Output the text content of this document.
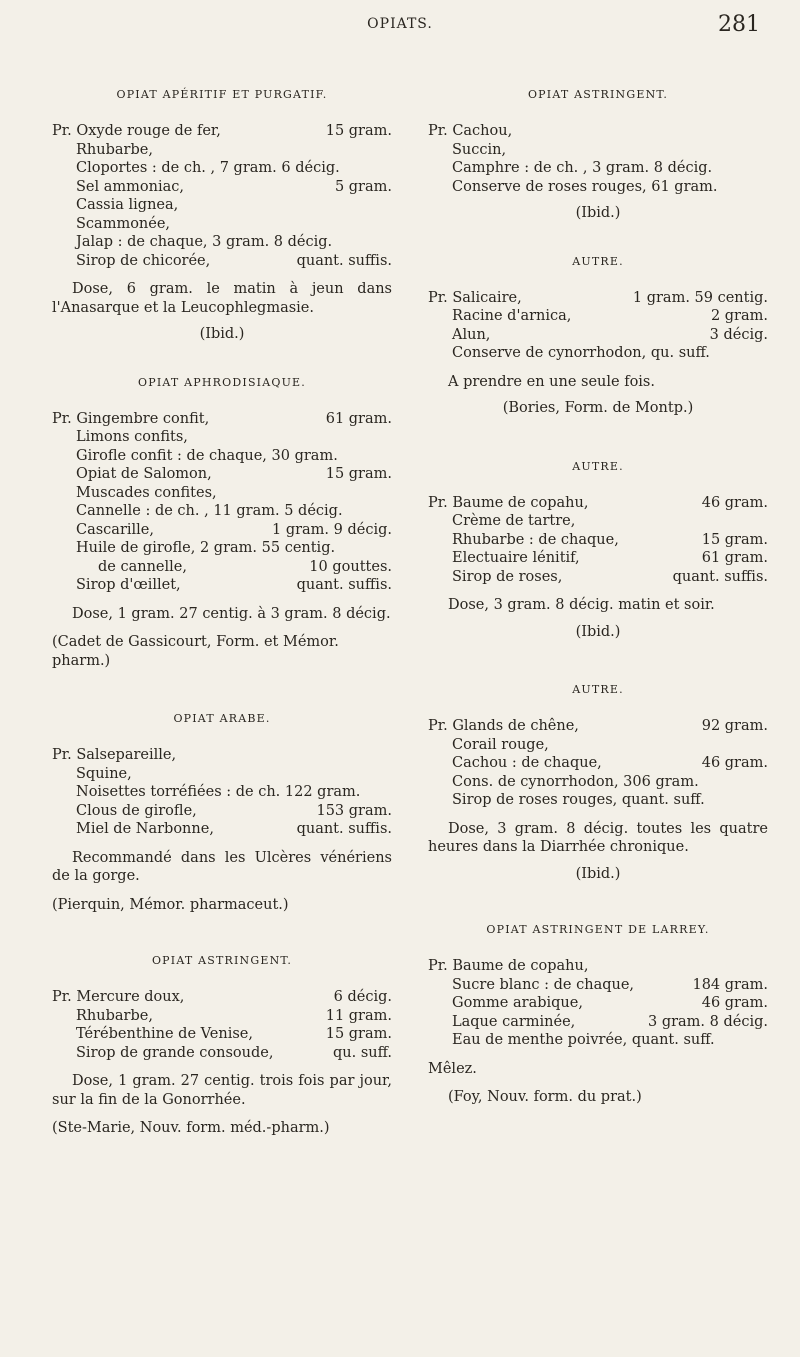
OPIATS.	281
OPIAT APÉRITIF ET PURGATIF.
Pr. Oxyde rouge de fer,	15 gram.
Rhubarbe,
Cloportes : de ch. , 7 gram. 6 décig.
Sel ammoniac,	5 gram.
Cassia lignea,
Scammonée,
Jalap : de chaque, 3 gram. 8 décig.
Sirop de chicorée,	quant. suffis.

Dose, 6 gram. le matin à jeun dans l'Anasarque et la Leucophlegmasie.

(Ibid.)
OPIAT APHRODISIAQUE.
Pr. Gingembre confit,	61 gram.
Limons confits,
Girofle confit : de chaque, 30 gram.
Opiat de Salomon,	15 gram.
Muscades confites,
Cannelle : de ch. , 11 gram. 5 décig.
Cascarille,	1 gram. 9 décig.
Huile de girofle, 2 gram. 55 centig.
de cannelle,	10 gouttes.
Sirop d'œillet,	quant. suffis.

Dose, 1 gram. 27 centig. à 3 gram. 8 décig.

(Cadet de Gassicourt, Form. et Mémor. pharm.)

OPIAT ARABE.
Pr. Salsepareille,
Squine,
Noisettes torréfiées : de ch. 122 gram.
Clous de girofle,	153 gram.
Miel de Narbonne,	quant. suffis.

Recommandé dans les Ulcères vénériens de la gorge.

(Pierquin, Mémor. pharmaceut.)

OPIAT ASTRINGENT.
Pr. Mercure doux,	6 décig.
Rhubarbe,	11 gram.
Térébenthine de Venise,	15 gram.
Sirop de grande consoude,	qu. suff.

Dose, 1 gram. 27 centig. trois fois par jour, sur la fin de la Gonorrhée.

(Ste-Marie, Nouv. form. méd.-pharm.)

OPIAT ASTRINGENT.
Pr. Cachou,
Succin,
Camphre : de ch. , 3 gram. 8 décig.
Conserve de roses rouges, 61 gram.
(Ibid.)
AUTRE.
Pr. Salicaire,	1 gram. 59 centig.
Racine d'arnica,	2 gram.
Alun,	3 décig.
Conserve de cynorrhodon, qu. suff.

A prendre en une seule fois.

(Bories, Form. de Montp.)
AUTRE.
Pr. Baume de copahu,	46 gram.
Crème de tartre,
Rhubarbe : de chaque,	15 gram.
Electuaire lénitif,	61 gram.
Sirop de roses,	quant. suffis.

Dose, 3 gram. 8 décig. matin et soir.

(Ibid.)
AUTRE.
Pr. Glands de chêne,	92 gram.
Corail rouge,
Cachou : de chaque,	46 gram.
Cons. de cynorrhodon, 306 gram.
Sirop de roses rouges, quant. suff.

Dose, 3 gram. 8 décig. toutes les quatre heures dans la Diarrhée chronique.

(Ibid.)
OPIAT ASTRINGENT DE LARREY.
Pr. Baume de copahu,
Sucre blanc : de chaque,	184 gram.
Gomme arabique,	46 gram.
Laque carminée,	3 gram. 8 décig.
Eau de menthe poivrée, quant. suff.

Mêlez.

(Foy, Nouv. form. du prat.)
